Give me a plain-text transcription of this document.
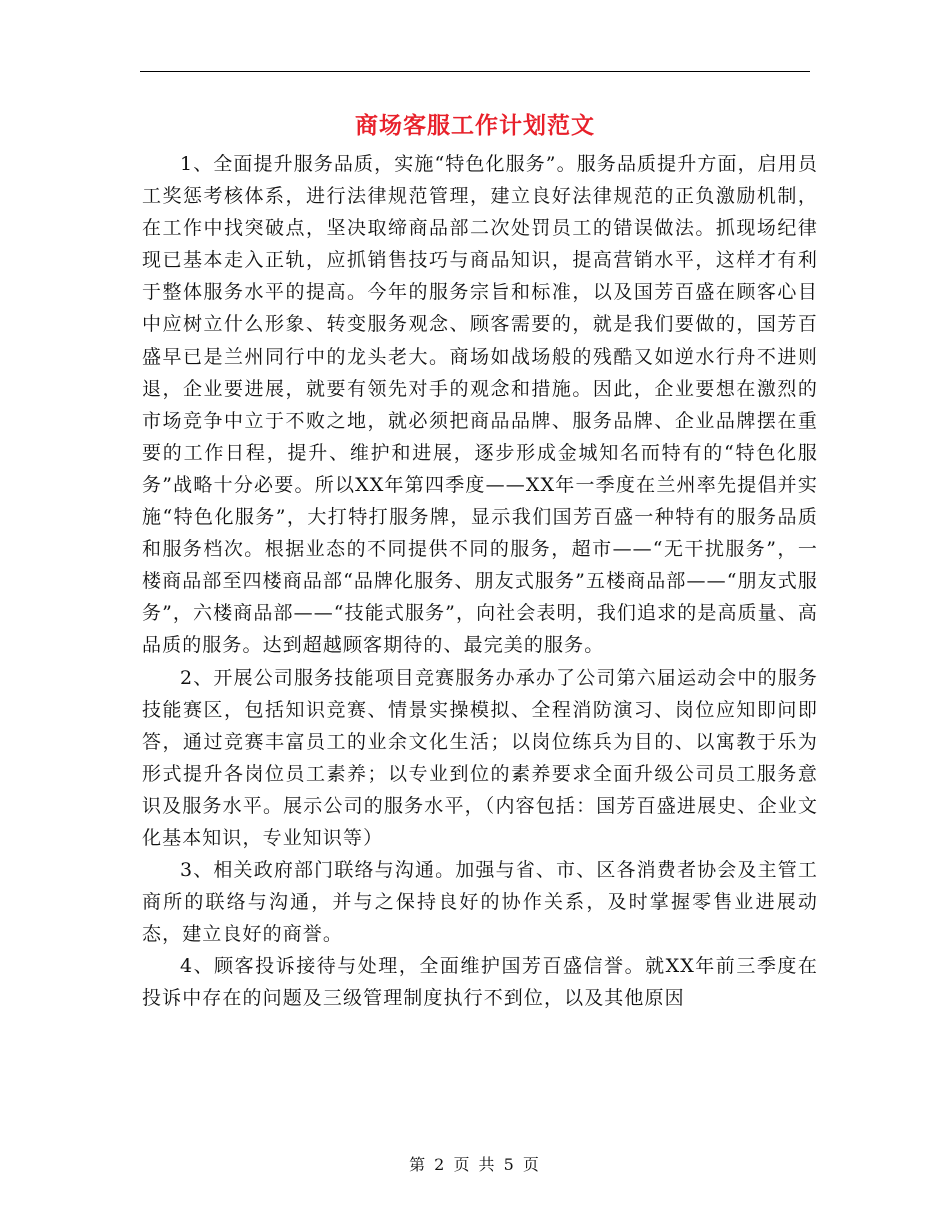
商场客服工作计划范文

1、全面提升服务品质，实施“特色化服务”。服务品质提升方面，启用员工奖惩考核体系，进行法律规范管理，建立良好法律规范的正负激励机制，在工作中找突破点，坚决取缔商品部二次处罚员工的错误做法。抓现场纪律现已基本走入正轨，应抓销售技巧与商品知识，提高营销水平，这样才有利于整体服务水平的提高。今年的服务宗旨和标准，以及国芳百盛在顾客心目中应树立什么形象、转变服务观念、顾客需要的，就是我们要做的，国芳百盛早已是兰州同行中的龙头老大。商场如战场般的残酷又如逆水行舟不进则退，企业要进展，就要有领先对手的观念和措施。因此，企业要想在激烈的市场竞争中立于不败之地，就必须把商品品牌、服务品牌、企业品牌摆在重要的工作日程，提升、维护和进展，逐步形成金城知名而特有的“特色化服务”战略十分必要。所以XX年第四季度——XX年一季度在兰州率先提倡并实施“特色化服务”，大打特打服务牌，显示我们国芳百盛一种特有的服务品质和服务档次。根据业态的不同提供不同的服务，超市——“无干扰服务”，一楼商品部至四楼商品部“品牌化服务、朋友式服务”五楼商品部——“朋友式服务”，六楼商品部——“技能式服务”，向社会表明，我们追求的是高质量、高品质的服务。达到超越顾客期待的、最完美的服务。

2、开展公司服务技能项目竞赛服务办承办了公司第六届运动会中的服务技能赛区，包括知识竞赛、情景实操模拟、全程消防演习、岗位应知即问即答，通过竞赛丰富员工的业余文化生活；以岗位练兵为目的、以寓教于乐为形式提升各岗位员工素养；以专业到位的素养要求全面升级公司员工服务意识及服务水平。展示公司的服务水平，（内容包括：国芳百盛进展史、企业文化基本知识，专业知识等）

3、相关政府部门联络与沟通。加强与省、市、区各消费者协会及主管工商所的联络与沟通，并与之保持良好的协作关系，及时掌握零售业进展动态，建立良好的商誉。

4、顾客投诉接待与处理，全面维护国芳百盛信誉。就XX年前三季度在投诉中存在的问题及三级管理制度执行不到位，以及其他原因

第 2 页 共 5 页
